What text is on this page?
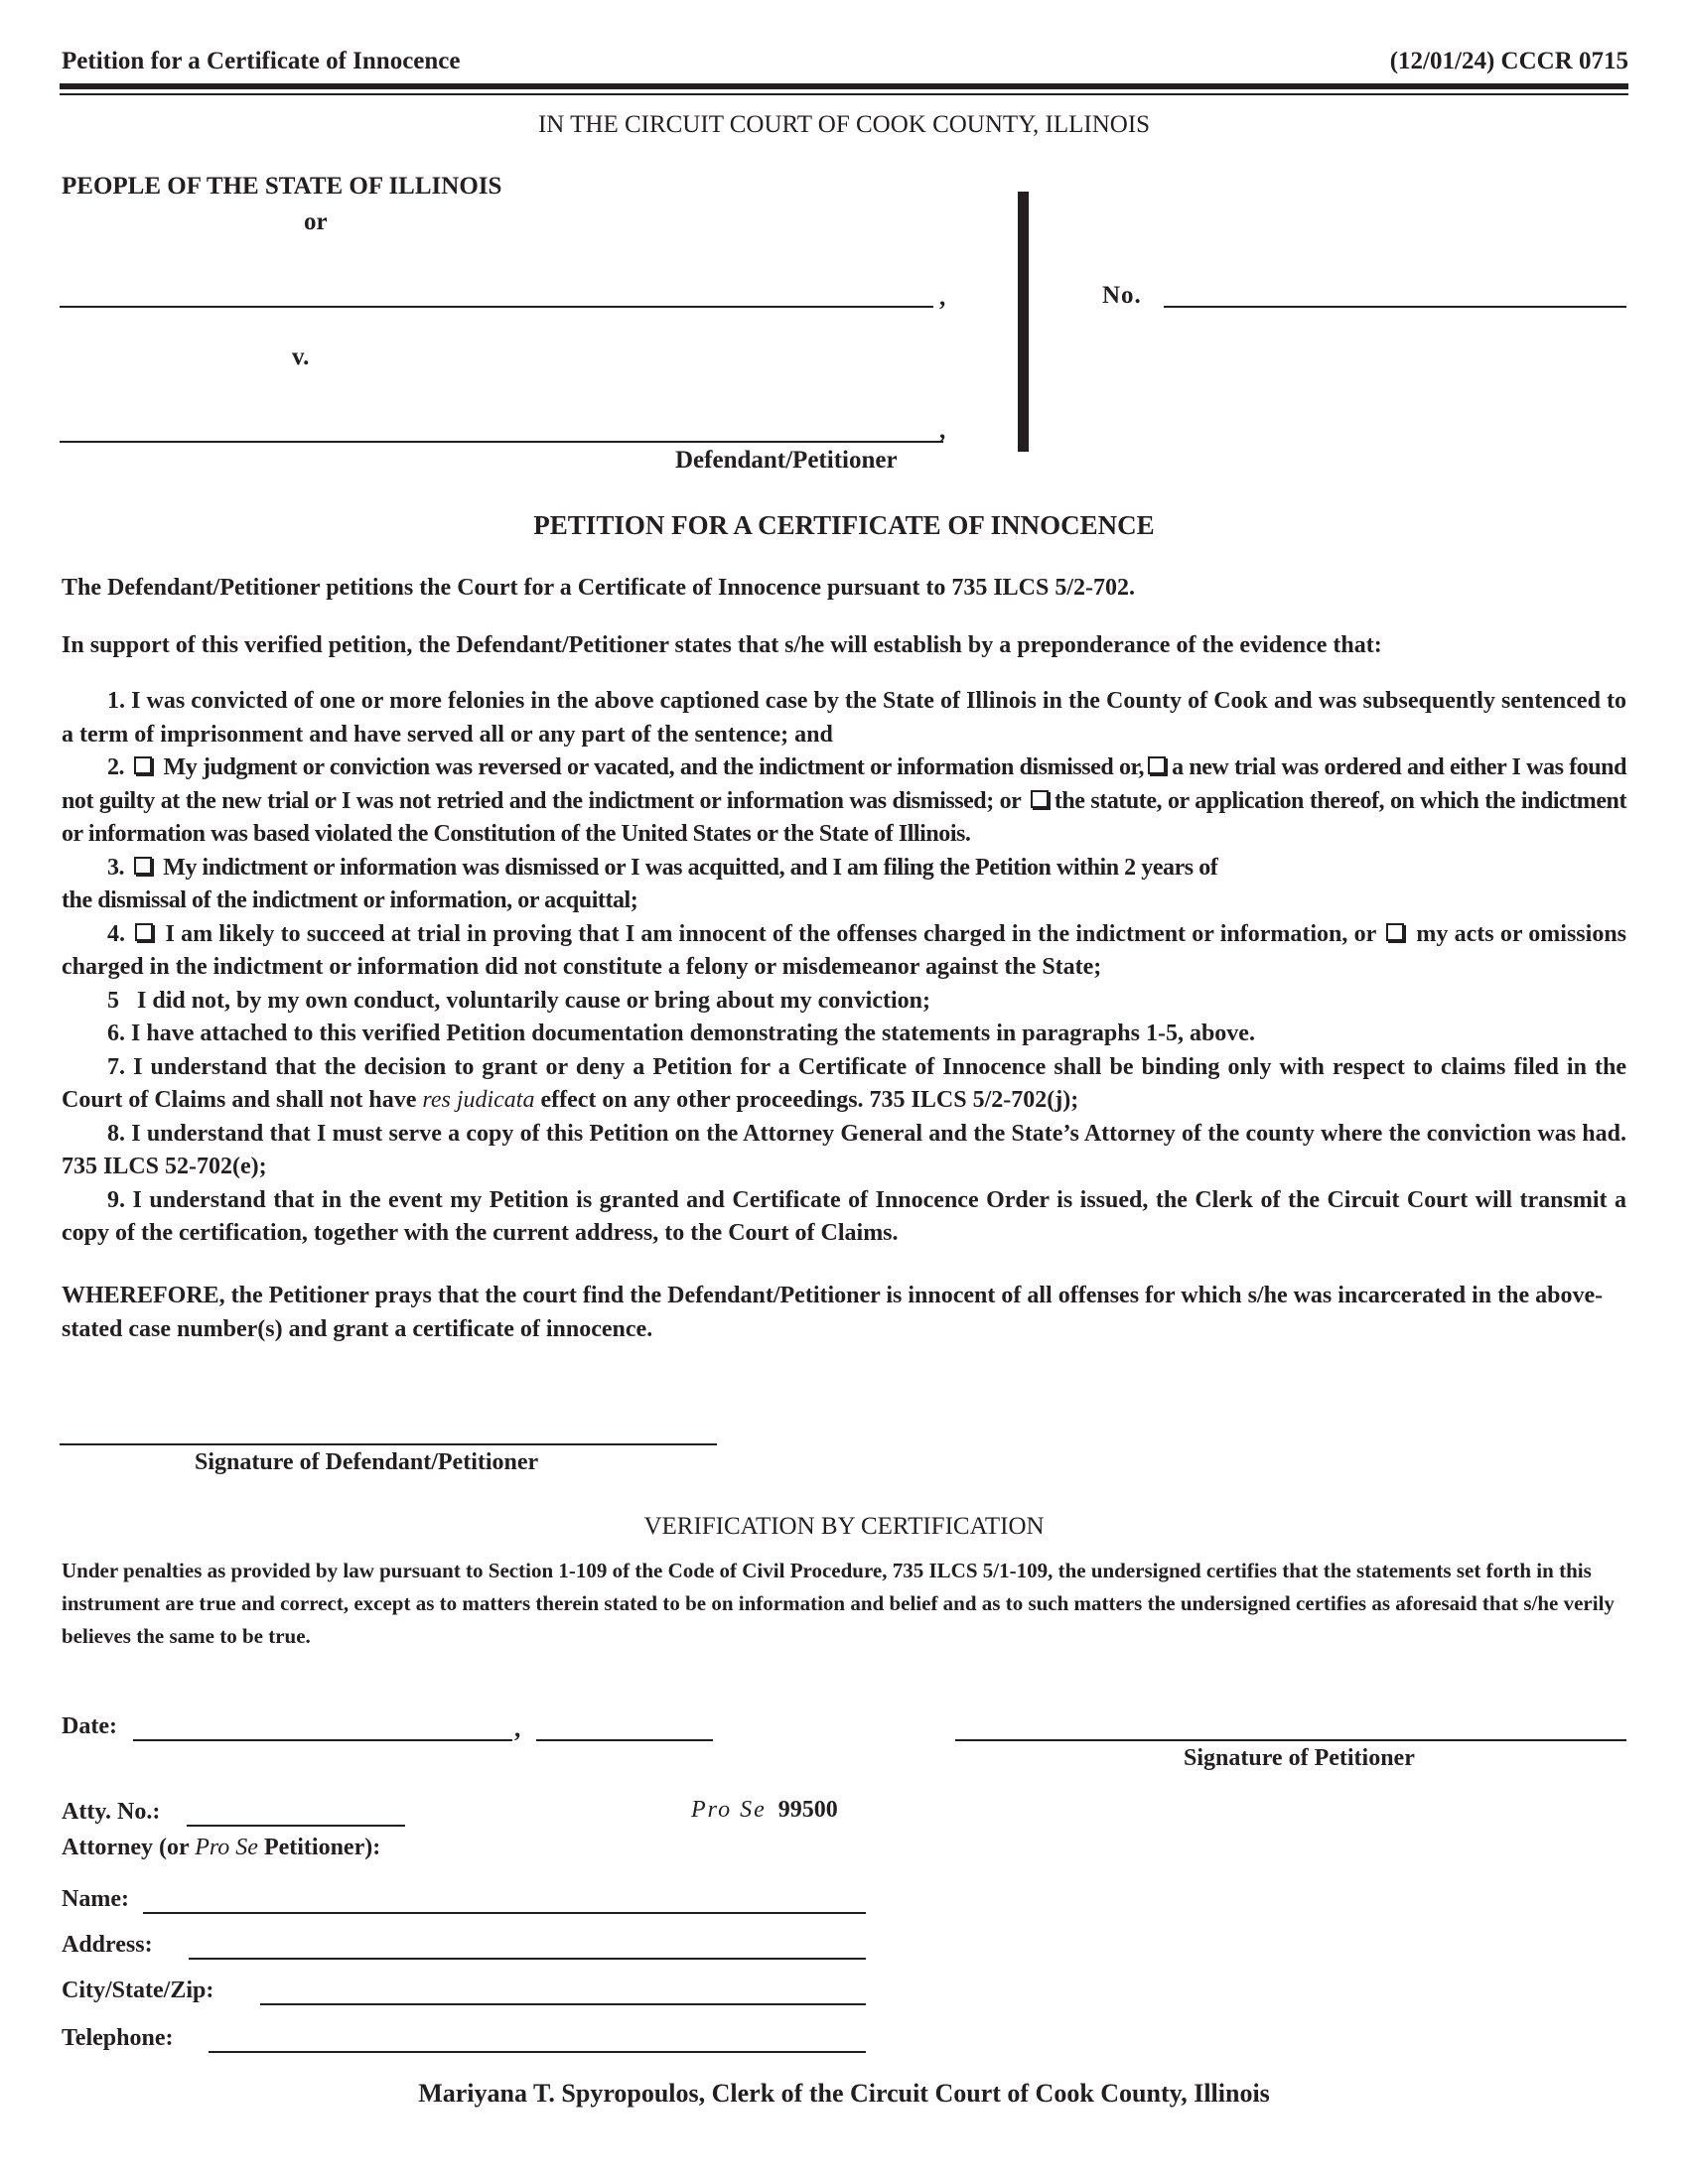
Petition for a Certificate of Innocence	(12/01/24) CCCR 0715
IN THE CIRCUIT COURT OF COOK COUNTY, ILLINOIS
PEOPLE OF THE STATE OF ILLINOIS
or
,
v.
,
Defendant/Petitioner
No.
PETITION FOR A CERTIFICATE OF INNOCENCE
The Defendant/Petitioner petitions the Court for a Certificate of Innocence pursuant to 735 ILCS 5/2-702.
In support of this verified petition, the Defendant/Petitioner states that s/he will establish by a preponderance of the evidence that:

1. I was convicted of one or more felonies in the above captioned case by the State of Illinois in the County of Cook and was subsequently sentenced to a term of imprisonment and have served all or any part of the sentence; and

2. My judgment or conviction was reversed or vacated, and the indictment or information dismissed or, a new trial was ordered and either I was found not guilty at the new trial or I was not retried and the indictment or information was dismissed; or the statute, or application thereof, on which the indictment or information was based violated the Constitution of the United States or the State of Illinois.

3. My indictment or information was dismissed or I was acquitted, and I am filing the Petition within 2 years of
the dismissal of the indictment or information, or acquittal;

4. I am likely to succeed at trial in proving that I am innocent of the offenses charged in the indictment or information, or my acts or omissions charged in the indictment or information did not constitute a felony or misdemeanor against the State;

5 I did not, by my own conduct, voluntarily cause or bring about my conviction;

6. I have attached to this verified Petition documentation demonstrating the statements in paragraphs 1-5, above.

7. I understand that the decision to grant or deny a Petition for a Certificate of Innocence shall be binding only with respect to claims filed in the Court of Claims and shall not have res judicata effect on any other proceedings. 735 ILCS 5/2-702(j);

8. I understand that I must serve a copy of this Petition on the Attorney General and the State’s Attorney of the county where the conviction was had. 735 ILCS 52-702(e);

9. I understand that in the event my Petition is granted and Certificate of Innocence Order is issued, the Clerk of the Circuit Court will transmit a copy of the certification, together with the current address, to the Court of Claims.

WHEREFORE, the Petitioner prays that the court find the Defendant/Petitioner is innocent of all offenses for which s/he was incarcerated in the above-stated case number(s) and grant a certificate of innocence.
Signature of Defendant/Petitioner
VERIFICATION BY CERTIFICATION
Under penalties as provided by law pursuant to Section 1-109 of the Code of Civil Procedure, 735 ILCS 5/1-109, the undersigned certifies that the statements set forth in this instrument are true and correct, except as to matters therein stated to be on information and belief and as to such matters the undersigned certifies as aforesaid that s/he verily believes the same to be true.
Date:	,
Signature of Petitioner
Atty. No.:	Pro Se 99500
Attorney (or Pro Se Petitioner):
Name:
Address:
City/State/Zip:
Telephone:
Mariyana T. Spyropoulos, Clerk of the Circuit Court of Cook County, Illinois
